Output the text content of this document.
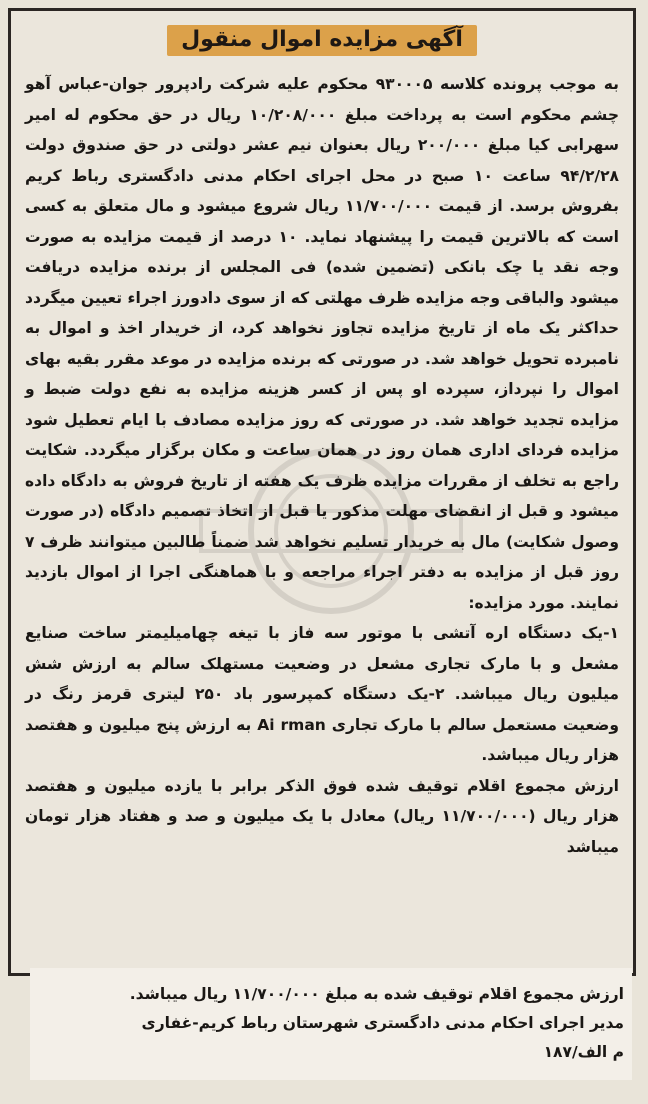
آگهی مزایده اموال منقول

به موجب پرونده کلاسه ۹۳۰۰۰۵ محکوم علیه شرکت رادپرور جوان-عباس آهو چشم محکوم است به پرداخت مبلغ ۱۰/۲۰۸/۰۰۰ ریال در حق محکوم له امیر سهرابی کیا مبلغ ۲۰۰/۰۰۰ ریال بعنوان نیم عشر دولتی در حق صندوق دولت ۹۴/۲/۲۸ ساعت ۱۰ صبح در محل اجرای احکام مدنی دادگستری رباط کریم بفروش برسد. از قیمت ۱۱/۷۰۰/۰۰۰ ریال شروع میشود و مال متعلق به کسی است که بالاترین قیمت را پیشنهاد نماید. ۱۰ درصد از قیمت مزایده به صورت وجه نقد یا چک بانکی (تضمین شده) فی المجلس از برنده مزایده دریافت میشود والباقی وجه مزایده ظرف مهلتی که از سوی دادورز اجراء تعیین میگردد حداکثر یک ماه از تاریخ مزایده تجاوز نخواهد کرد، از خریدار اخذ و اموال به نامبرده تحویل خواهد شد. در صورتی که برنده مزایده در موعد مقرر بقیه بهای اموال را نپرداز، سپرده او پس از کسر هزینه مزایده به نفع دولت ضبط و مزایده تجدید خواهد شد. در صورتی که روز مزایده مصادف با ایام تعطیل شود مزایده فردای اداری همان روز در همان ساعت و مکان برگزار میگردد. شکایت راجع به تخلف از مقررات مزایده ظرف یک هفته از تاریخ فروش به دادگاه داده میشود و قبل از انقضای مهلت مذکور یا قبل از اتخاذ تصمیم دادگاه (در صورت وصول شکایت) مال به خریدار تسلیم نخواهد شد ضمناً طالبین میتوانند ظرف ۷ روز قبل از مزایده به دفتر اجراء مراجعه و با هماهنگی اجرا از اموال بازدید نمایند. مورد مزایده:

۱-یک دستگاه اره آتشی با موتور سه فاز با تیغه چهامیلیمتر ساخت صنایع مشعل و با مارک تجاری مشعل در وضعیت مستهلک سالم به ارزش شش میلیون ریال میباشد. ۲-یک دستگاه کمپرسور باد ۲۵۰ لیتری قرمز رنگ در وضعیت مستعمل سالم با مارک تجاری Ai rman به ارزش پنج میلیون و هفتصد هزار ریال میباشد.

ارزش مجموع اقلام توقیف شده فوق الذکر برابر با یازده میلیون و هفتصد هزار ریال (۱۱/۷۰۰/۰۰۰ ریال) معادل با یک میلیون و صد و هفتاد هزار تومان میباشد

ارزش مجموع اقلام توقیف شده به مبلغ ۱۱/۷۰۰/۰۰۰ ریال میباشد.

مدیر اجرای احکام مدنی دادگستری شهرستان رباط کریم-غفاری

م الف/۱۸۷
